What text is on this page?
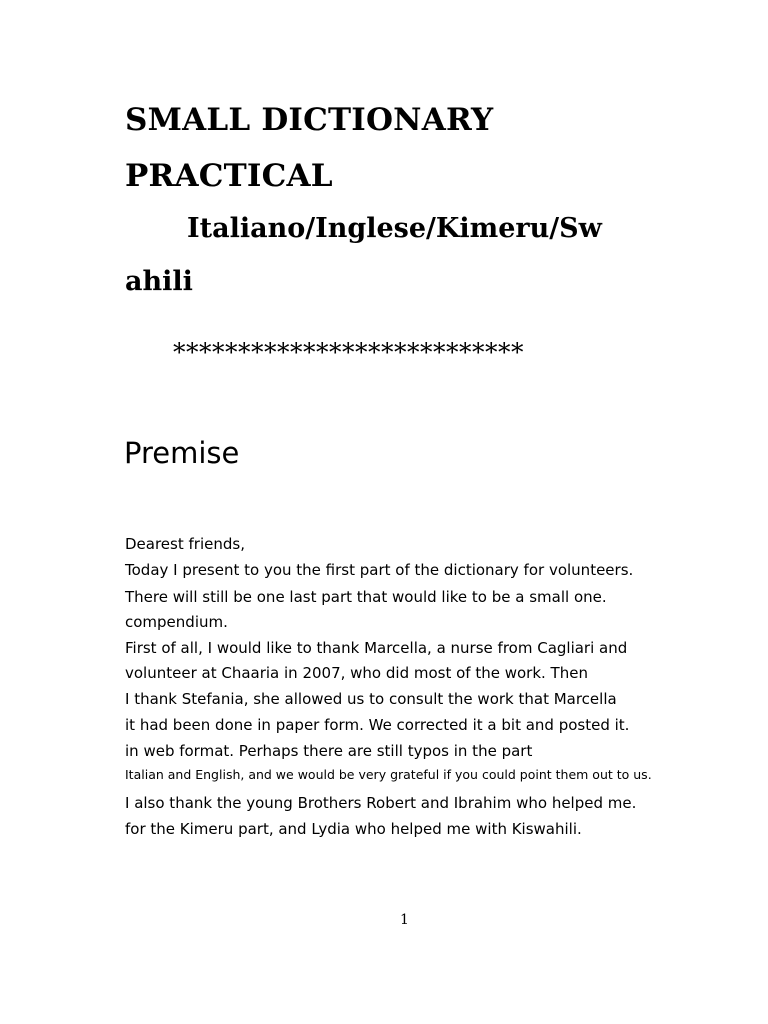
SMALL DICTIONARY
PRACTICAL
Italiano/Inglese/Kimeru/Sw
ahili
***************************
Premise
Dearest friends,
Today I present to you the first part of the dictionary for volunteers.
There will still be one last part that would like to be a small one.
compendium.
First of all, I would like to thank Marcella, a nurse from Cagliari and
volunteer at Chaaria in 2007, who did most of the work. Then
I thank Stefania, she allowed us to consult the work that Marcella
it had been done in paper form. We corrected it a bit and posted it.
in web format. Perhaps there are still typos in the part
Italian and English, and we would be very grateful if you could point them out to us.
I also thank the young Brothers Robert and Ibrahim who helped me.
for the Kimeru part, and Lydia who helped me with Kiswahili.
1
